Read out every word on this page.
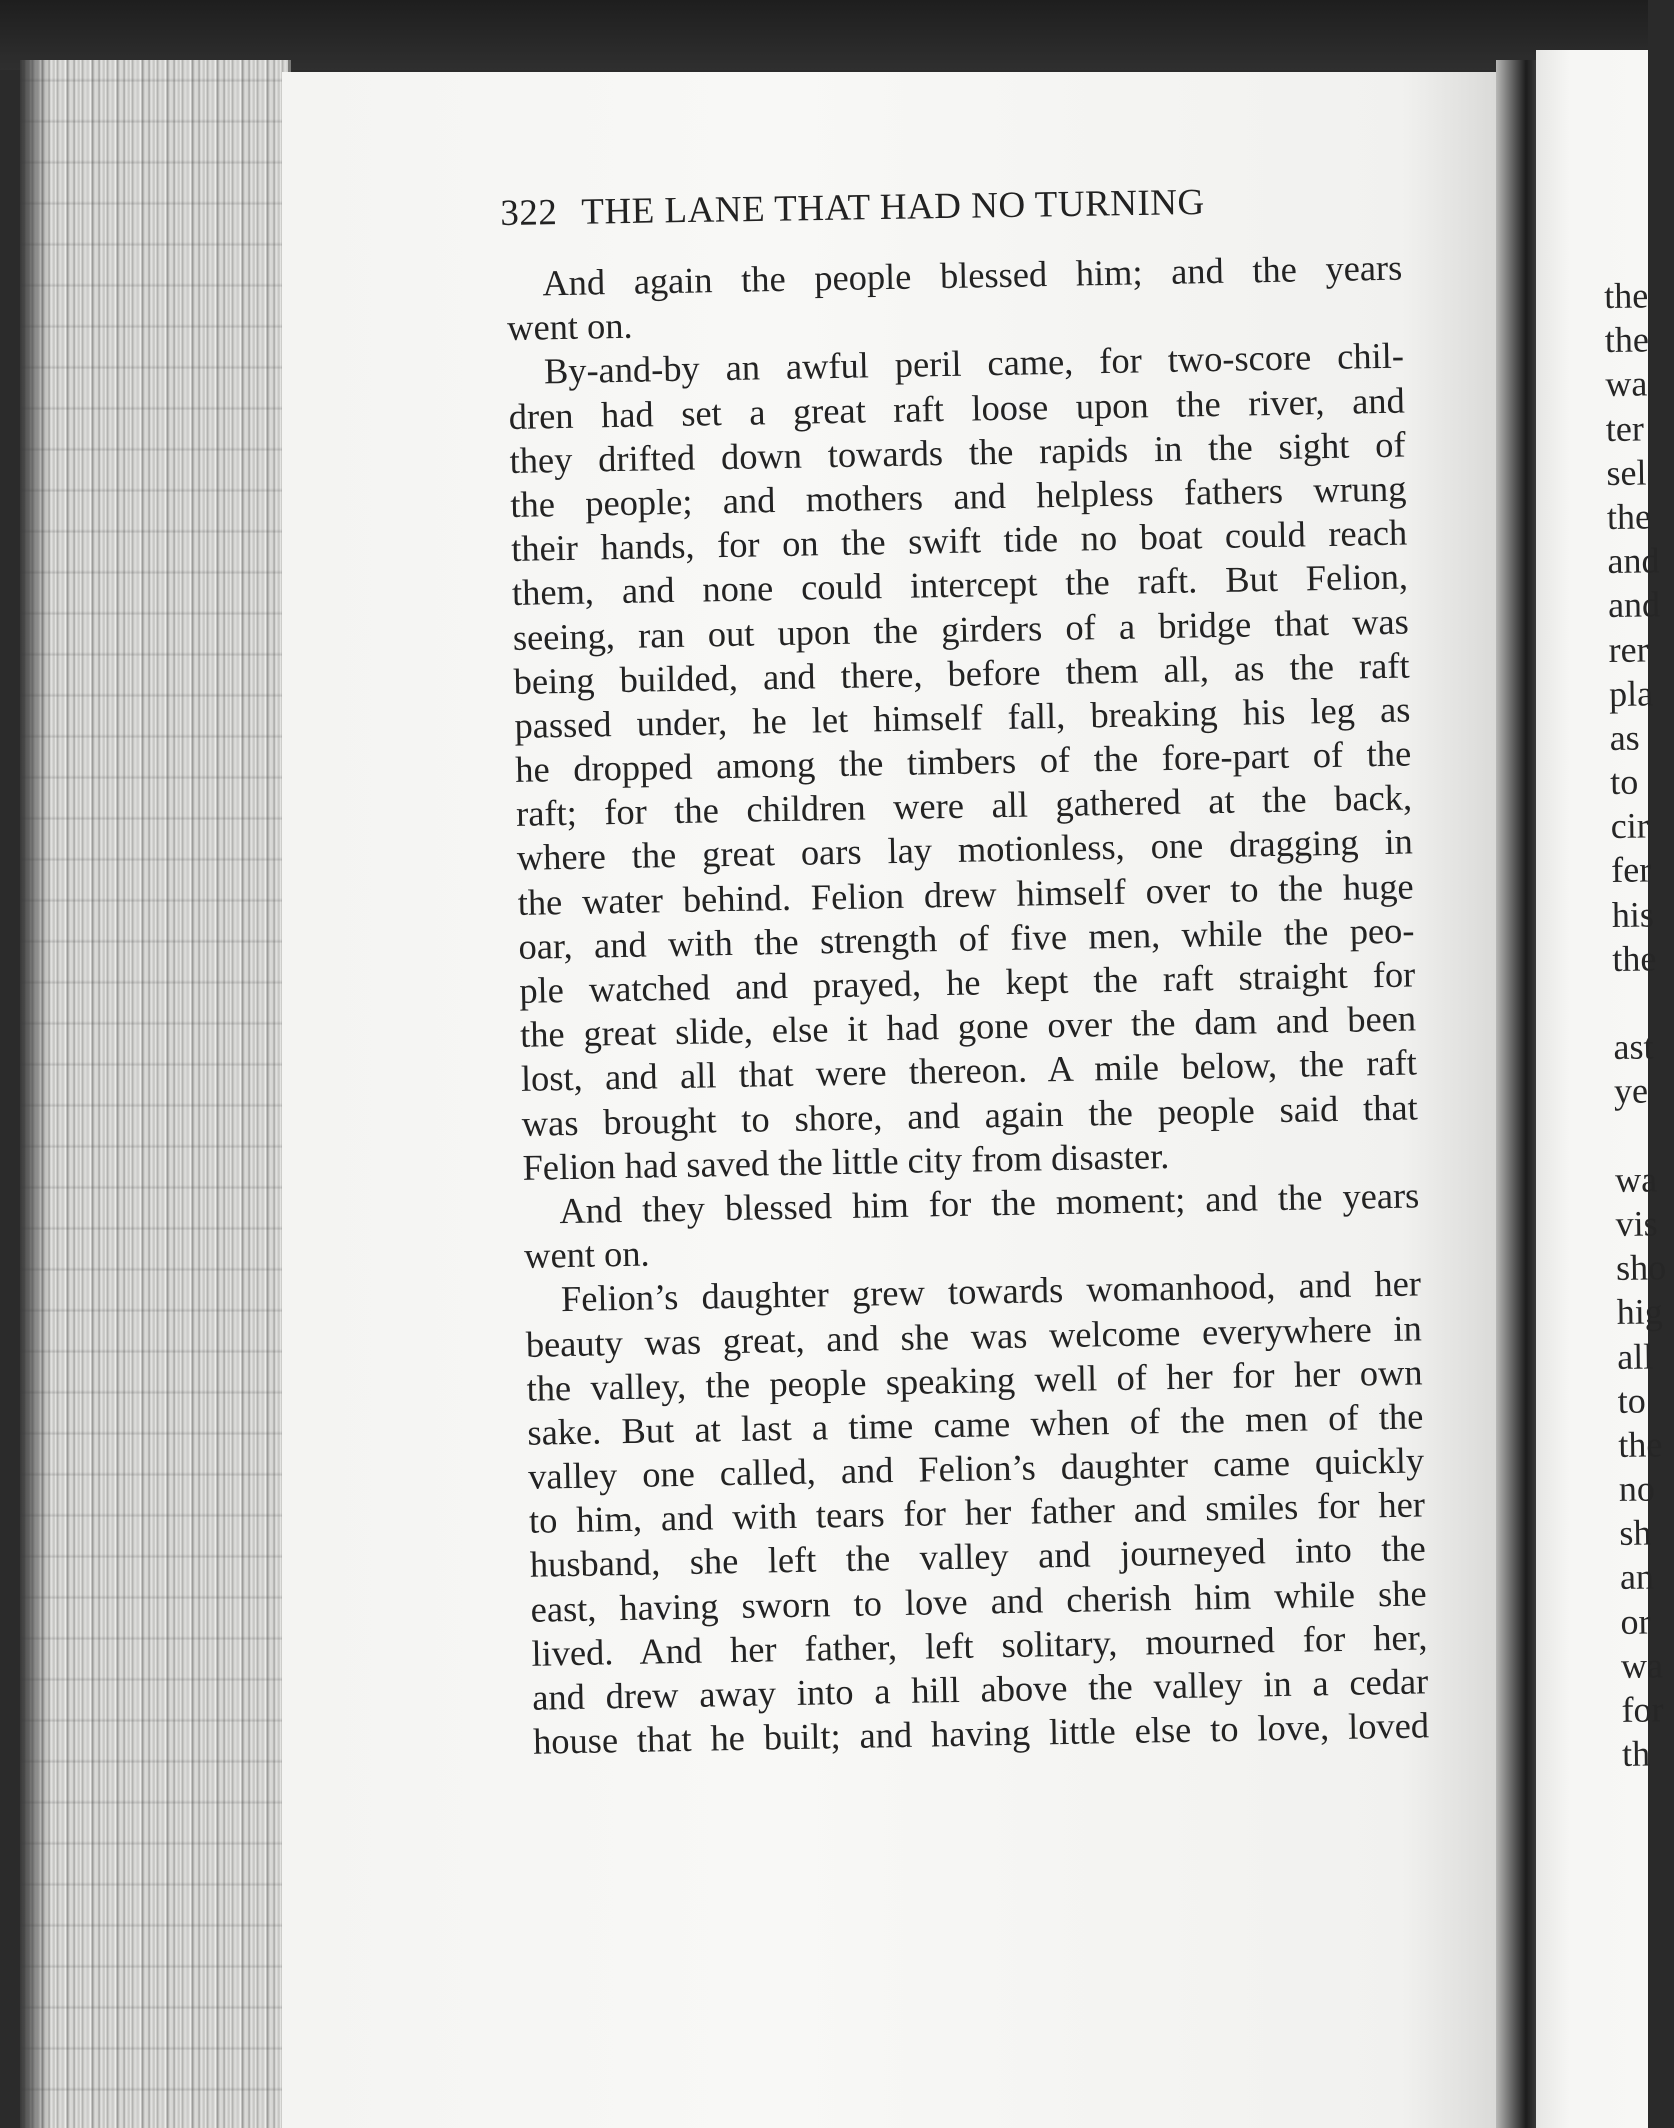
322 THE LANE THAT HAD NO TURNING
And again the people blessed him; and the years
went on.
By-and-by an awful peril came, for two-score chil-
dren had set a great raft loose upon the river, and
they drifted down towards the rapids in the sight of
the people; and mothers and helpless fathers wrung
their hands, for on the swift tide no boat could reach
them, and none could intercept the raft. But Felion,
seeing, ran out upon the girders of a bridge that was
being builded, and there, before them all, as the raft
passed under, he let himself fall, breaking his leg as
he dropped among the timbers of the fore-part of the
raft; for the children were all gathered at the back,
where the great oars lay motionless, one dragging in
the water behind. Felion drew himself over to the huge
oar, and with the strength of five men, while the peo-
ple watched and prayed, he kept the raft straight for
the great slide, else it had gone over the dam and been
lost, and all that were thereon. A mile below, the raft
was brought to shore, and again the people said that
Felion had saved the little city from disaster.
And they blessed him for the moment; and the years
went on.
Felion’s daughter grew towards womanhood, and her
beauty was great, and she was welcome everywhere in
the valley, the people speaking well of her for her own
sake. But at last a time came when of the men of the
valley one called, and Felion’s daughter came quickly
to him, and with tears for her father and smiles for her
husband, she left the valley and journeyed into the
east, having sworn to love and cherish him while she
lived. And her father, left solitary, mourned for her,
and drew away into a hill above the valley in a cedar
house that he built; and having little else to love, loved
the
the
wa
ter
sel
the
and
and
rer
pla
as
to
cir
fer
his
the
ast
ye
wa
vis
sho
hig
all
to
the
no
sh
an
or
wa
for
th
